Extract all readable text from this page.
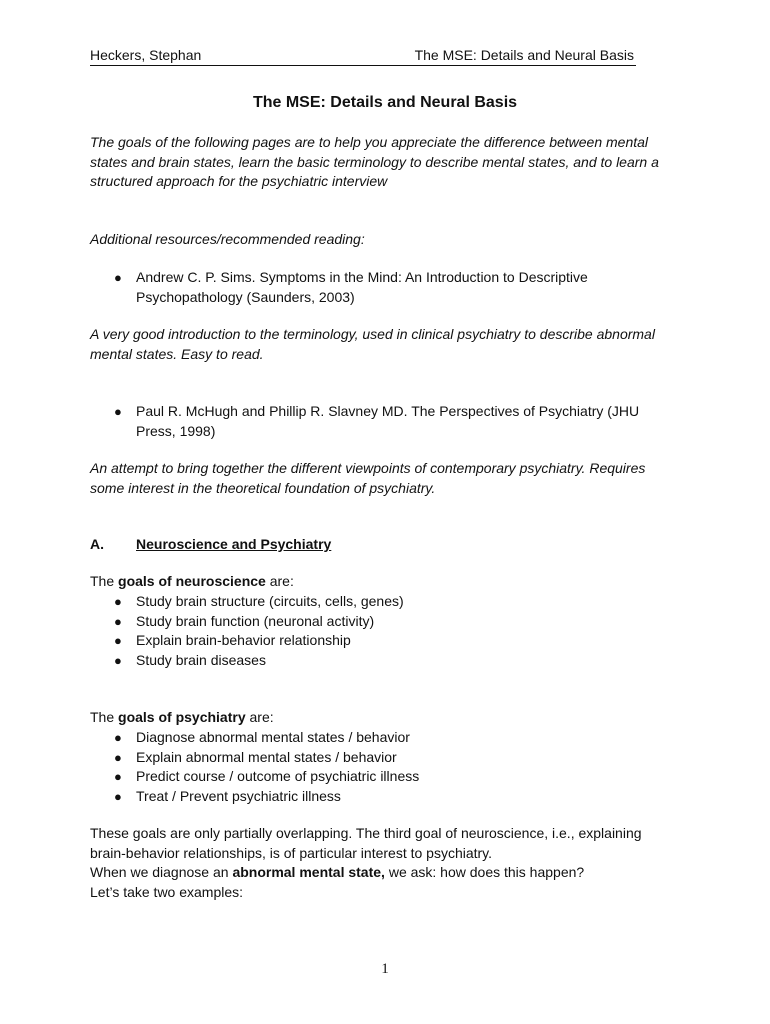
Heckers, Stephan	The MSE: Details and Neural Basis
The MSE: Details and Neural Basis
The goals of the following pages are to help you appreciate the difference between mental states and brain states, learn the basic terminology to describe mental states, and to learn a structured approach for the psychiatric interview
Additional resources/recommended reading:
● Andrew C. P. Sims. Symptoms in the Mind: An Introduction to Descriptive Psychopathology (Saunders, 2003)
A very good introduction to the terminology, used in clinical psychiatry to describe abnormal mental states. Easy to read.
● Paul R. McHugh and Phillip R. Slavney MD. The Perspectives of Psychiatry (JHU Press, 1998)
An attempt to bring together the different viewpoints of contemporary psychiatry. Requires some interest in the theoretical foundation of psychiatry.
A. Neuroscience and Psychiatry
The goals of neuroscience are:
● Study brain structure (circuits, cells, genes)
● Study brain function (neuronal activity)
● Explain brain-behavior relationship
● Study brain diseases
The goals of psychiatry are:
● Diagnose abnormal mental states / behavior
● Explain abnormal mental states / behavior
● Predict course / outcome of psychiatric illness
● Treat / Prevent psychiatric illness
These goals are only partially overlapping. The third goal of neuroscience, i.e., explaining brain-behavior relationships, is of particular interest to psychiatry.
When we diagnose an abnormal mental state, we ask: how does this happen?
Let’s take two examples:
1
